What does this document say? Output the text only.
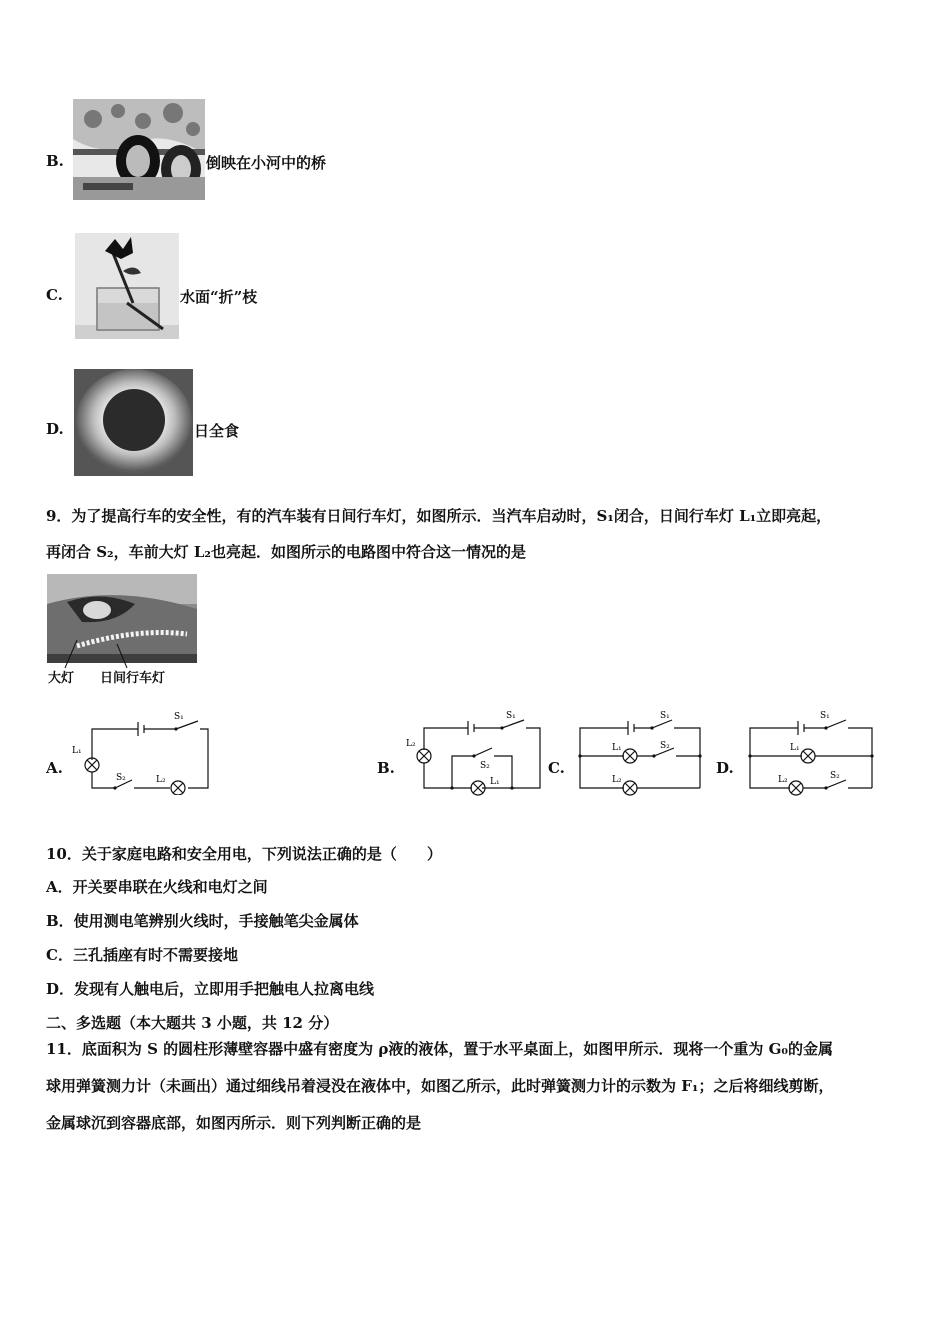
B.	倒映在小河中的桥
C.	水面“折”枝
D.	日全食
9．为了提高行车的安全性，有的汽车装有日间行车灯，如图所示．当汽车启动时，S₁闭合，日间行车灯 L₁立即亮起，
再闭合 S₂，车前大灯 L₂也亮起．如图所示的电路图中符合这一情况的是
大灯 日间行车灯
A.
S₁
L₁
S₂	L₂
B.
S₁
L₂
S₂
L₁
C.
S₁
L₁	S₂
L₂
D.
S₁
L₁
L₂	S₂
10．关于家庭电路和安全用电，下列说法正确的是（　　）
A．开关要串联在火线和电灯之间
B．使用测电笔辨别火线时，手接触笔尖金属体
C．三孔插座有时不需要接地
D．发现有人触电后，立即用手把触电人拉离电线
二、多选题（本大题共 3 小题，共 12 分）
11．底面积为 S 的圆柱形薄壁容器中盛有密度为 ρ液的液体，置于水平桌面上，如图甲所示．现将一个重为 G₀的金属
球用弹簧测力计（未画出）通过细线吊着浸没在液体中，如图乙所示，此时弹簧测力计的示数为 F₁；之后将细线剪断，
金属球沉到容器底部，如图丙所示．则下列判断正确的是
